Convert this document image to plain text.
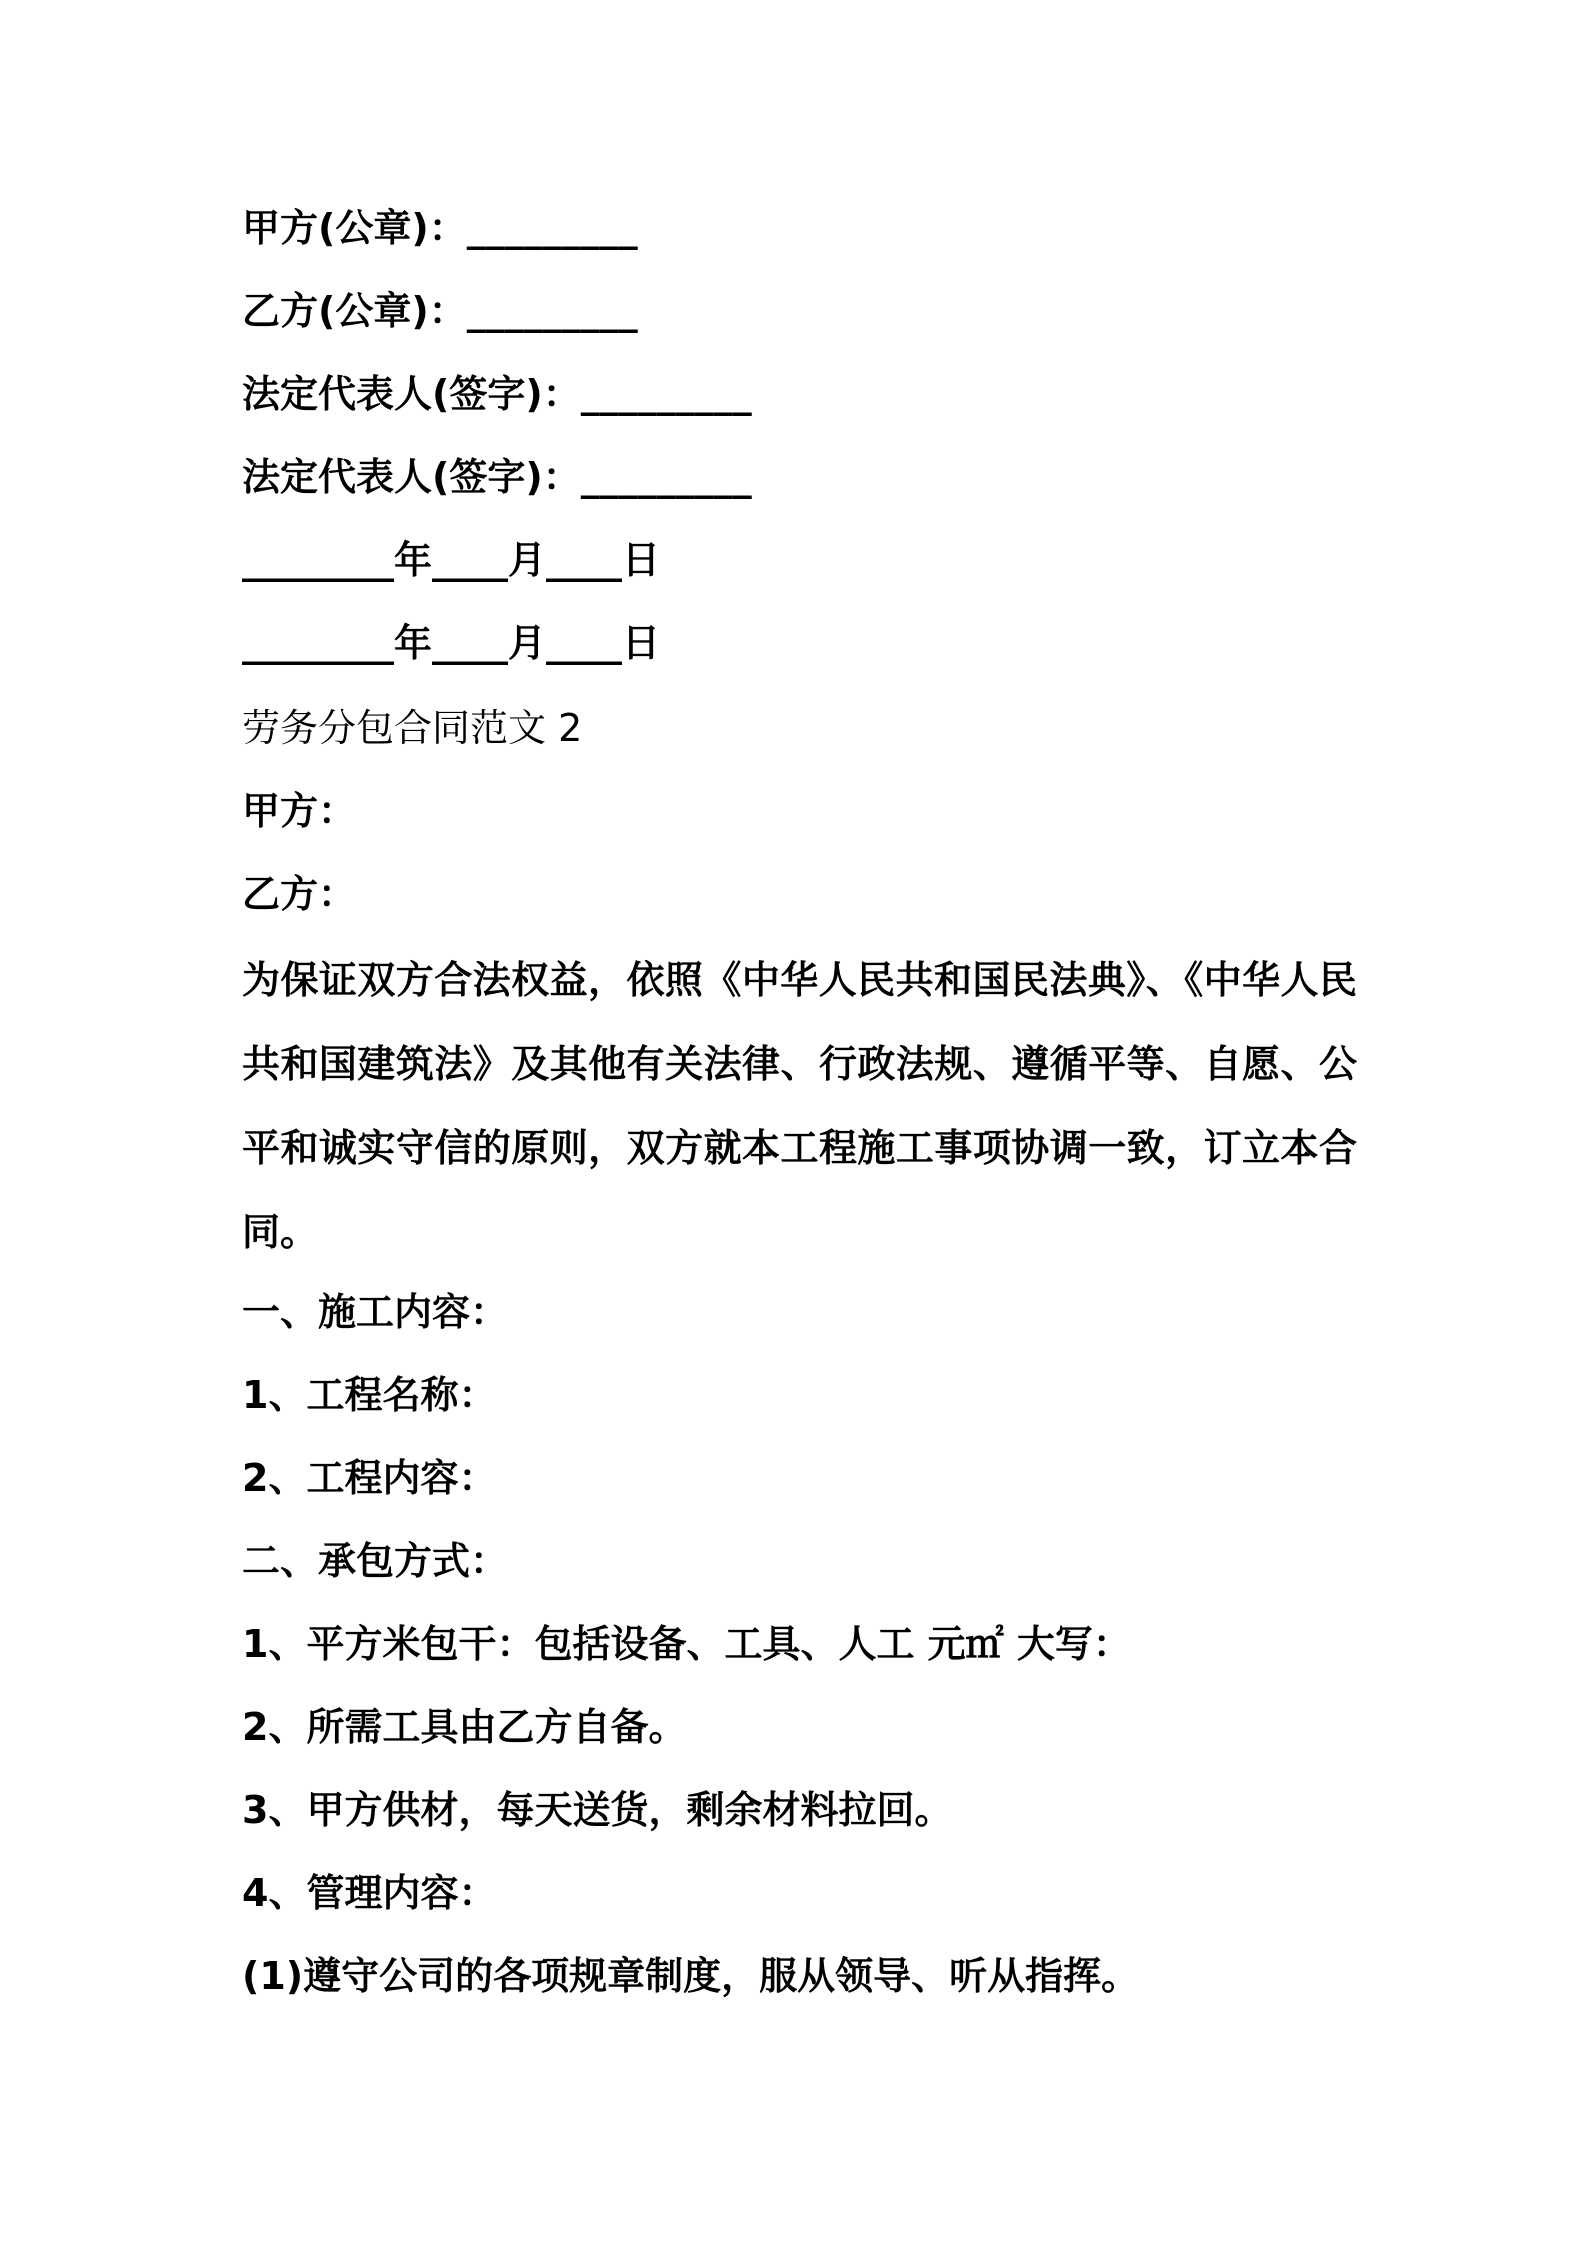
甲方(公章)：_________

乙方(公章)：_________

法定代表人(签字)：_________

法定代表人(签字)：_________

________年____月____日

________年____月____日

劳务分包合同范文 2

甲方：

乙方：

为保证双方合法权益，依照《中华人民共和国民法典》、《中华人民共和国建筑法》及其他有关法律、行政法规、遵循平等、自愿、公平和诚实守信的原则，双方就本工程施工事项协调一致，订立本合同。

一、施工内容：

1、工程名称：

2、工程内容：

二、承包方式：

1、平方米包干：包括设备、工具、人工 元㎡ 大写：

2、所需工具由乙方自备。

3、甲方供材，每天送货，剩余材料拉回。

4、管理内容：

(1)遵守公司的各项规章制度，服从领导、听从指挥。
